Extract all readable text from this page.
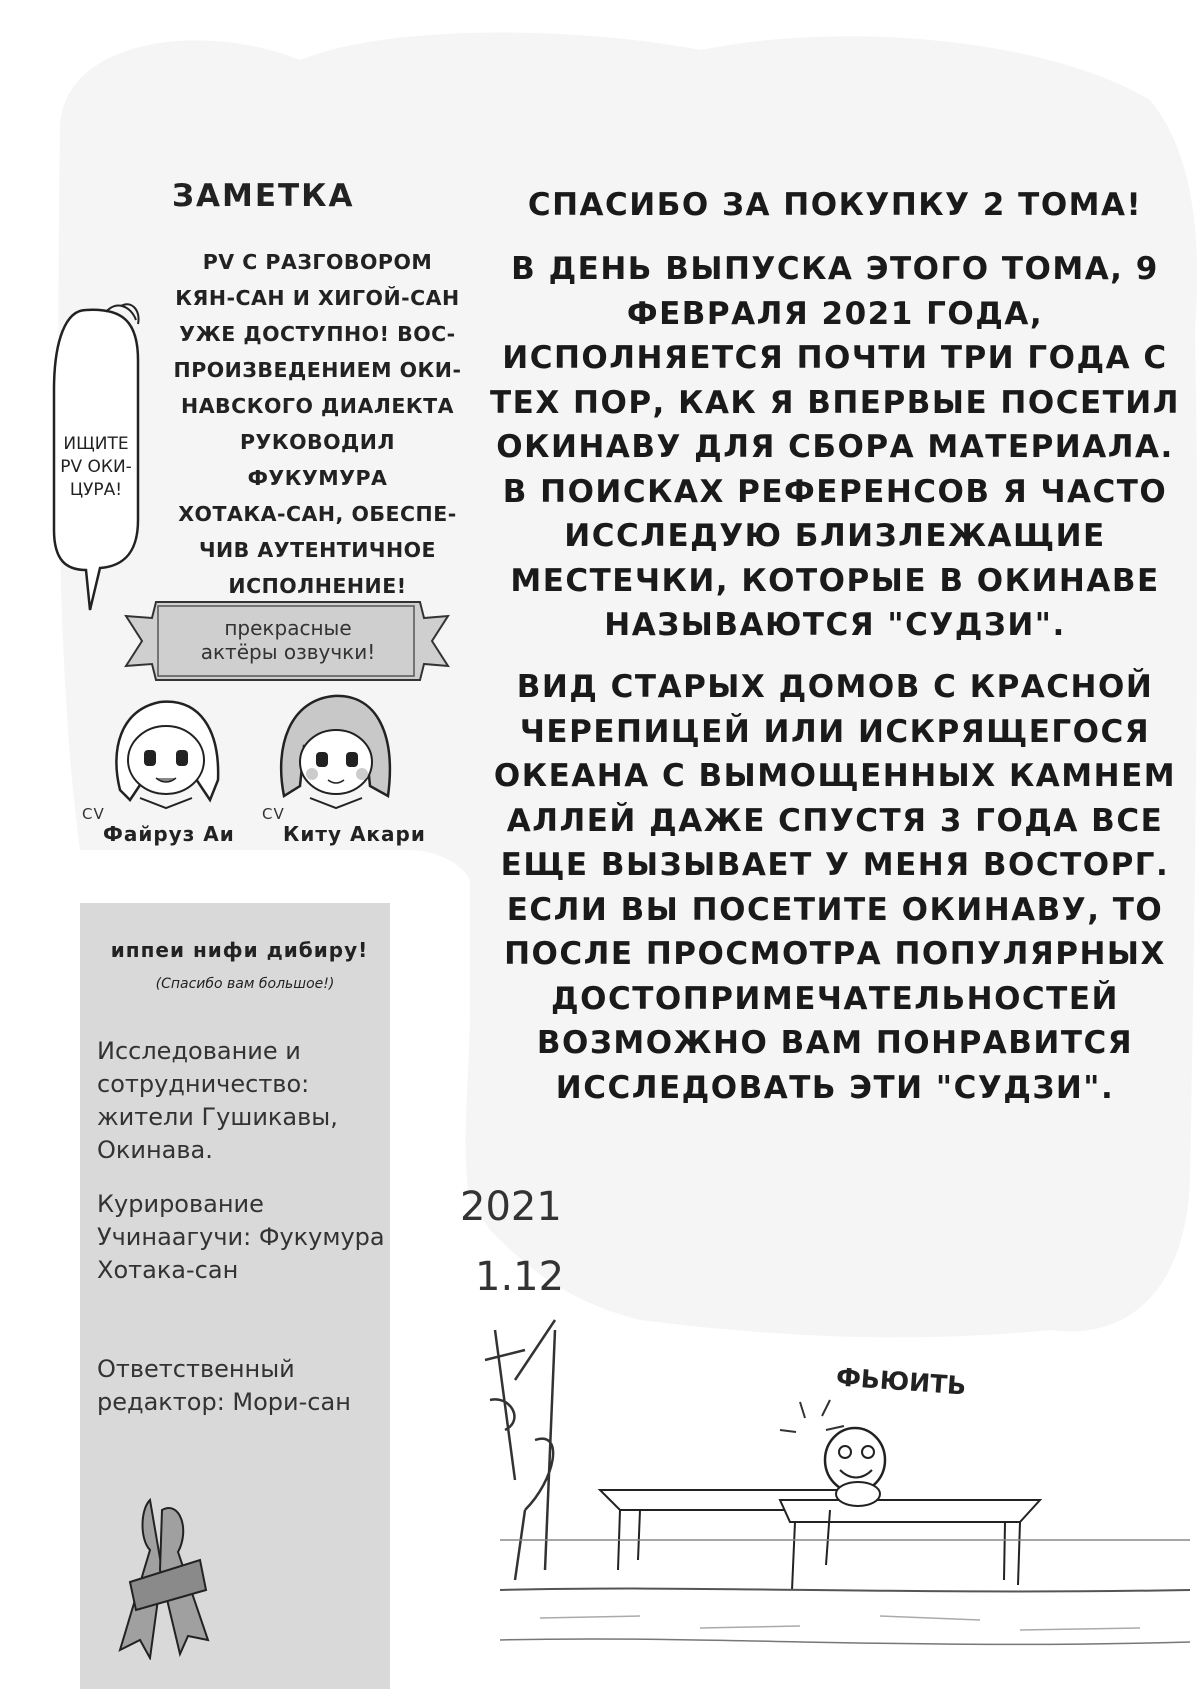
ЗАМЕТКА
PV С РАЗГОВОРОМ
КЯН-САН И ХИГОЙ-САН
УЖЕ ДОСТУПНО! ВОС-
ПРОИЗВЕДЕНИЕМ ОКИ-
НАВСКОГО ДИАЛЕКТА
РУКОВОДИЛ ФУКУМУРА
ХОТАКА-САН, ОБЕСПЕ-
ЧИВ АУТЕНТИЧНОЕ
ИСПОЛНЕНИЕ!
ИЩИТЕ
PV ОКИ-
ЦУРА!
прекрасные
актёры озвучки!
CV
Файруз Аи
CV
Киту Акари
иппеи нифи дибиру!
(Спасибо вам большое!)
Исследование и сотрудничество: жители Гушикавы, Окинава.
Курирование Учинаагучи: Фукумура Хотака-сан
Ответственный редактор: Мори-сан
СПАСИБО ЗА ПОКУПКУ 2 ТОМА!
В ДЕНЬ ВЫПУСКА ЭТОГО ТОМА, 9 ФЕВРАЛЯ 2021 ГОДА, ИСПОЛНЯЕТСЯ ПОЧТИ ТРИ ГОДА С ТЕХ ПОР, КАК Я ВПЕРВЫЕ ПОСЕТИЛ ОКИНАВУ ДЛЯ СБОРА МАТЕРИАЛА. В ПОИСКАХ РЕФЕРЕНСОВ Я ЧАСТО ИССЛЕДУЮ БЛИЗЛЕЖАЩИЕ МЕСТЕЧКИ, КОТОРЫЕ В ОКИНАВЕ НАЗЫВАЮТСЯ "СУДЗИ".
ВИД СТАРЫХ ДОМОВ С КРАСНОЙ ЧЕРЕПИЦЕЙ ИЛИ ИСКРЯЩЕГОСЯ ОКЕАНА С ВЫМОЩЕННЫХ КАМНЕМ АЛЛЕЙ ДАЖЕ СПУСТЯ 3 ГОДА ВСЕ ЕЩЕ ВЫЗЫВАЕТ У МЕНЯ ВОСТОРГ. ЕСЛИ ВЫ ПОСЕТИТЕ ОКИНАВУ, ТО ПОСЛЕ ПРОСМОТРА ПОПУЛЯРНЫХ ДОСТОПРИМЕЧАТЕЛЬНОСТЕЙ ВОЗМОЖНО ВАМ ПОНРАВИТСЯ ИССЛЕДОВАТЬ ЭТИ "СУДЗИ".
2021
1.12
ФЬЮИТЬ
